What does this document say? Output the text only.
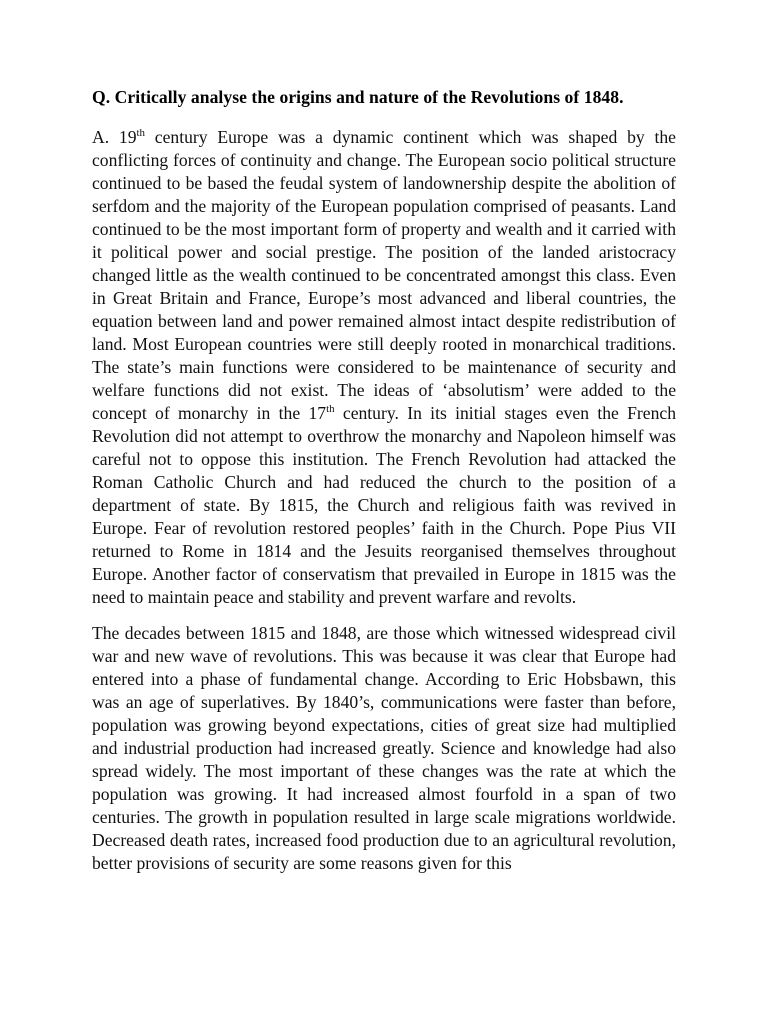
Q. Critically analyse the origins and nature of the Revolutions of 1848.

A. 19th century Europe was a dynamic continent which was shaped by the conflicting forces of continuity and change. The European socio political structure continued to be based the feudal system of landownership despite the abolition of serfdom and the majority of the European population comprised of peasants. Land continued to be the most important form of property and wealth and it carried with it political power and social prestige. The position of the landed aristocracy changed little as the wealth continued to be concentrated amongst this class. Even in Great Britain and France, Europe’s most advanced and liberal countries, the equation between land and power remained almost intact despite redistribution of land. Most European countries were still deeply rooted in monarchical traditions. The state’s main functions were considered to be maintenance of security and welfare functions did not exist. The ideas of ‘absolutism’ were added to the concept of monarchy in the 17th century. In its initial stages even the French Revolution did not attempt to overthrow the monarchy and Napoleon himself was careful not to oppose this institution. The French Revolution had attacked the Roman Catholic Church and had reduced the church to the position of a department of state. By 1815, the Church and religious faith was revived in Europe. Fear of revolution restored peoples’ faith in the Church. Pope Pius VII returned to Rome in 1814 and the Jesuits reorganised themselves throughout Europe. Another factor of conservatism that prevailed in Europe in 1815 was the need to maintain peace and stability and prevent warfare and revolts.

The decades between 1815 and 1848, are those which witnessed widespread civil war and new wave of revolutions. This was because it was clear that Europe had entered into a phase of fundamental change. According to Eric Hobsbawn, this was an age of superlatives. By 1840’s, communications were faster than before, population was growing beyond expectations, cities of great size had multiplied and industrial production had increased greatly. Science and knowledge had also spread widely. The most important of these changes was the rate at which the population was growing. It had increased almost fourfold in a span of two centuries. The growth in population resulted in large scale migrations worldwide. Decreased death rates, increased food production due to an agricultural revolution, better provisions of security are some reasons given for this
